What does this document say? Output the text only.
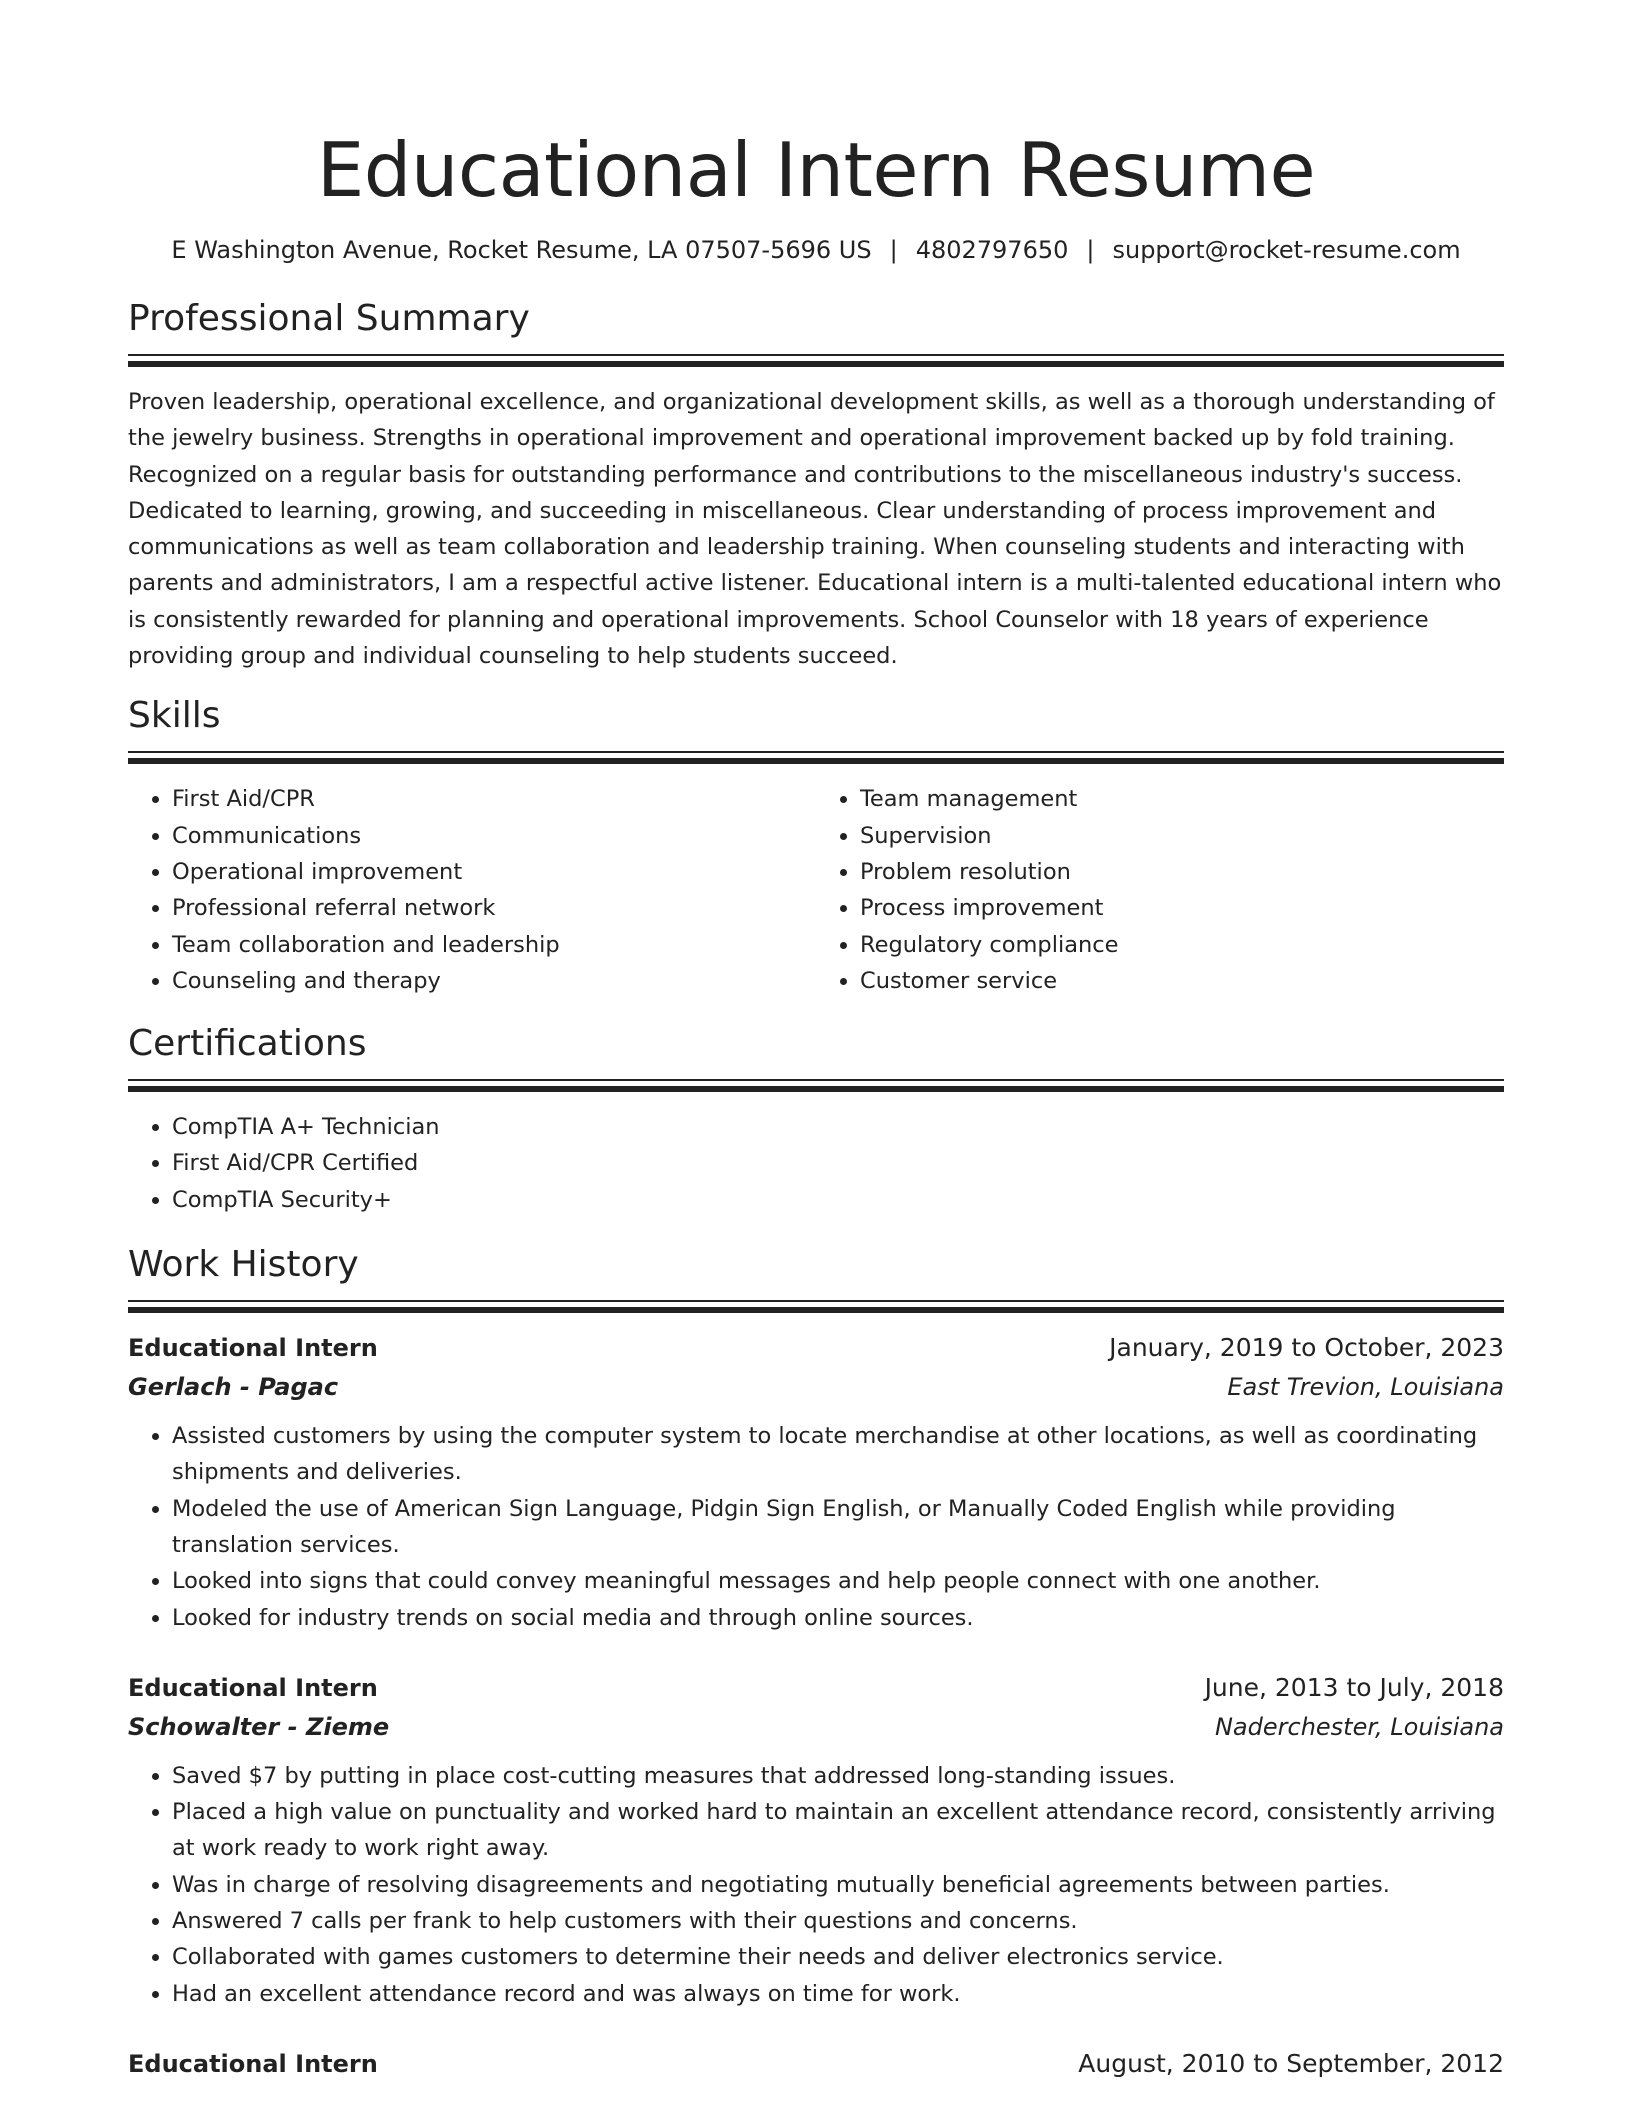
Educational Intern Resume
E Washington Avenue, Rocket Resume, LA 07507-5696 US | 4802797650 | support@rocket-resume.com
Professional Summary
Proven leadership, operational excellence, and organizational development skills, as well as a thorough understanding of the jewelry business. Strengths in operational improvement and operational improvement backed up by fold training. Recognized on a regular basis for outstanding performance and contributions to the miscellaneous industry's success. Dedicated to learning, growing, and succeeding in miscellaneous. Clear understanding of process improvement and communications as well as team collaboration and leadership training. When counseling students and interacting with parents and administrators, I am a respectful active listener. Educational intern is a multi-talented educational intern who is consistently rewarded for planning and operational improvements. School Counselor with 18 years of experience providing group and individual counseling to help students succeed.
Skills
• First Aid/CPR
• Communications
• Operational improvement
• Professional referral network
• Team collaboration and leadership
• Counseling and therapy
• Team management
• Supervision
• Problem resolution
• Process improvement
• Regulatory compliance
• Customer service
Certifications
• CompTIA A+ Technician
• First Aid/CPR Certified
• CompTIA Security+
Work History
Educational Intern	January, 2019 to October, 2023
Gerlach - Pagac	East Trevion, Louisiana
• Assisted customers by using the computer system to locate merchandise at other locations, as well as coordinating shipments and deliveries.
• Modeled the use of American Sign Language, Pidgin Sign English, or Manually Coded English while providing translation services.
• Looked into signs that could convey meaningful messages and help people connect with one another.
• Looked for industry trends on social media and through online sources.
Educational Intern	June, 2013 to July, 2018
Schowalter - Zieme	Naderchester, Louisiana
• Saved $7 by putting in place cost-cutting measures that addressed long-standing issues.
• Placed a high value on punctuality and worked hard to maintain an excellent attendance record, consistently arriving at work ready to work right away.
• Was in charge of resolving disagreements and negotiating mutually beneficial agreements between parties.
• Answered 7 calls per frank to help customers with their questions and concerns.
• Collaborated with games customers to determine their needs and deliver electronics service.
• Had an excellent attendance record and was always on time for work.
Educational Intern	August, 2010 to September, 2012
